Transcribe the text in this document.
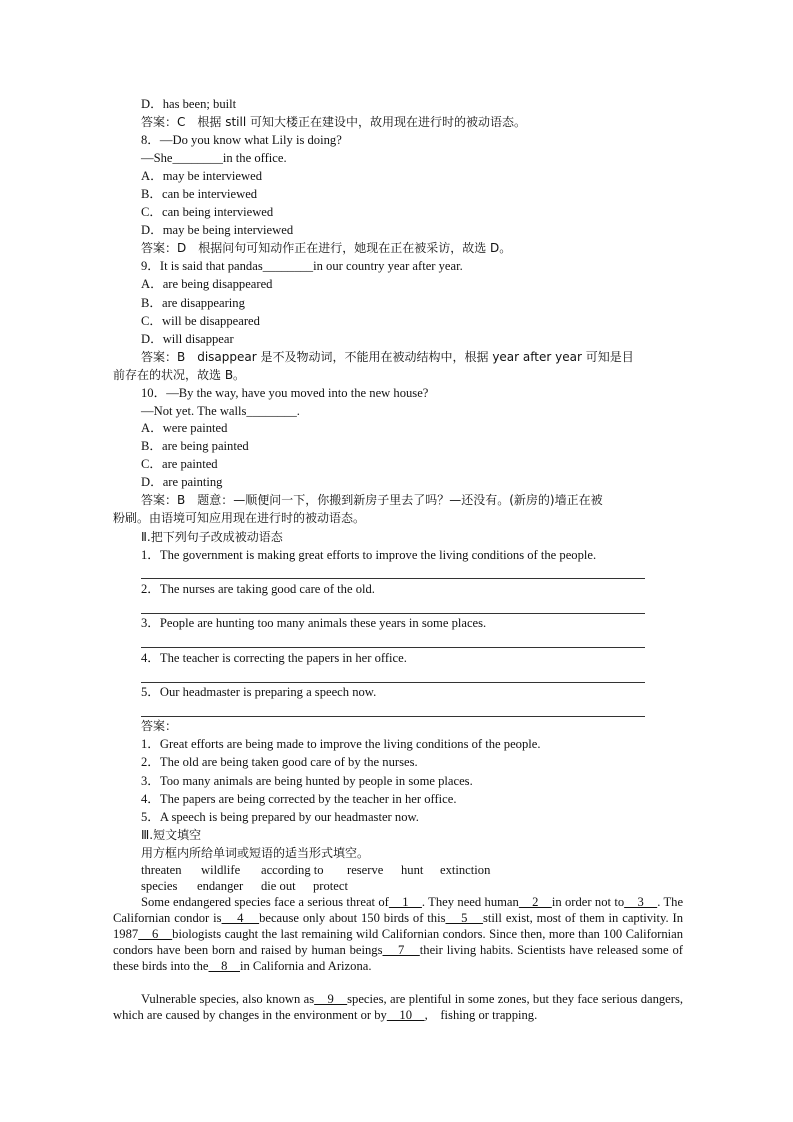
D．has been; built
答案：C　根据 still 可知大楼正在建设中，故用现在进行时的被动语态。
8．—Do you know what Lily is doing?
—She________in the office.
A．may be interviewed
B．can be interviewed
C．can being interviewed
D．may be being interviewed
答案：D　根据问句可知动作正在进行，她现在正在被采访，故选 D。
9．It is said that pandas________in our country year after year.
A．are being disappeared
B．are disappearing
C．will be disappeared
D．will disappear
答案：B　disappear 是不及物动词，不能用在被动结构中，根据 year after year 可知是目
前存在的状况，故选 B。
10．—By the way, have you moved into the new house?
—Not yet. The walls________.
A．were painted
B．are being painted
C．are painted
D．are painting
答案：B　题意：—顺便问一下，你搬到新房子里去了吗？—还没有。(新房的)墙正在被
粉刷。由语境可知应用现在进行时的被动语态。
Ⅱ.把下列句子改成被动语态
1．The government is making great efforts to improve the living conditions of the people.
2．The nurses are taking good care of the old.
3．People are hunting too many animals these years in some places.
4．The teacher is correcting the papers in her office.
5．Our headmaster is preparing a speech now.
答案：
1．Great efforts are being made to improve the living conditions of the people.
2．The old are being taken good care of by the nurses.
3．Too many animals are being hunted by people in some places.
4．The papers are being corrected by the teacher in her office.
5．A speech is being prepared by our headmaster now.
Ⅲ.短文填空
用方框内所给单词或短语的适当形式填空。
threaten wildlife according to reserve hunt extinction
species endanger die out protect
Some endangered species face a serious threat of    1    . They need human    2    in order not to    3    . The Californian condor is    4    because only about 150 birds of this    5    still exist, most of them in captivity. In 1987    6    biologists caught the last remaining wild Californian condors. Since then, more than 100 Californian condors have been born and raised by human beings    7    their living habits. Scientists have released some of these birds into the    8    in California and Arizona.
Vulnerable species, also known as    9    species, are plentiful in some zones, but they face serious dangers, which are caused by changes in the environment or by    10    ,　fishing or trapping.
